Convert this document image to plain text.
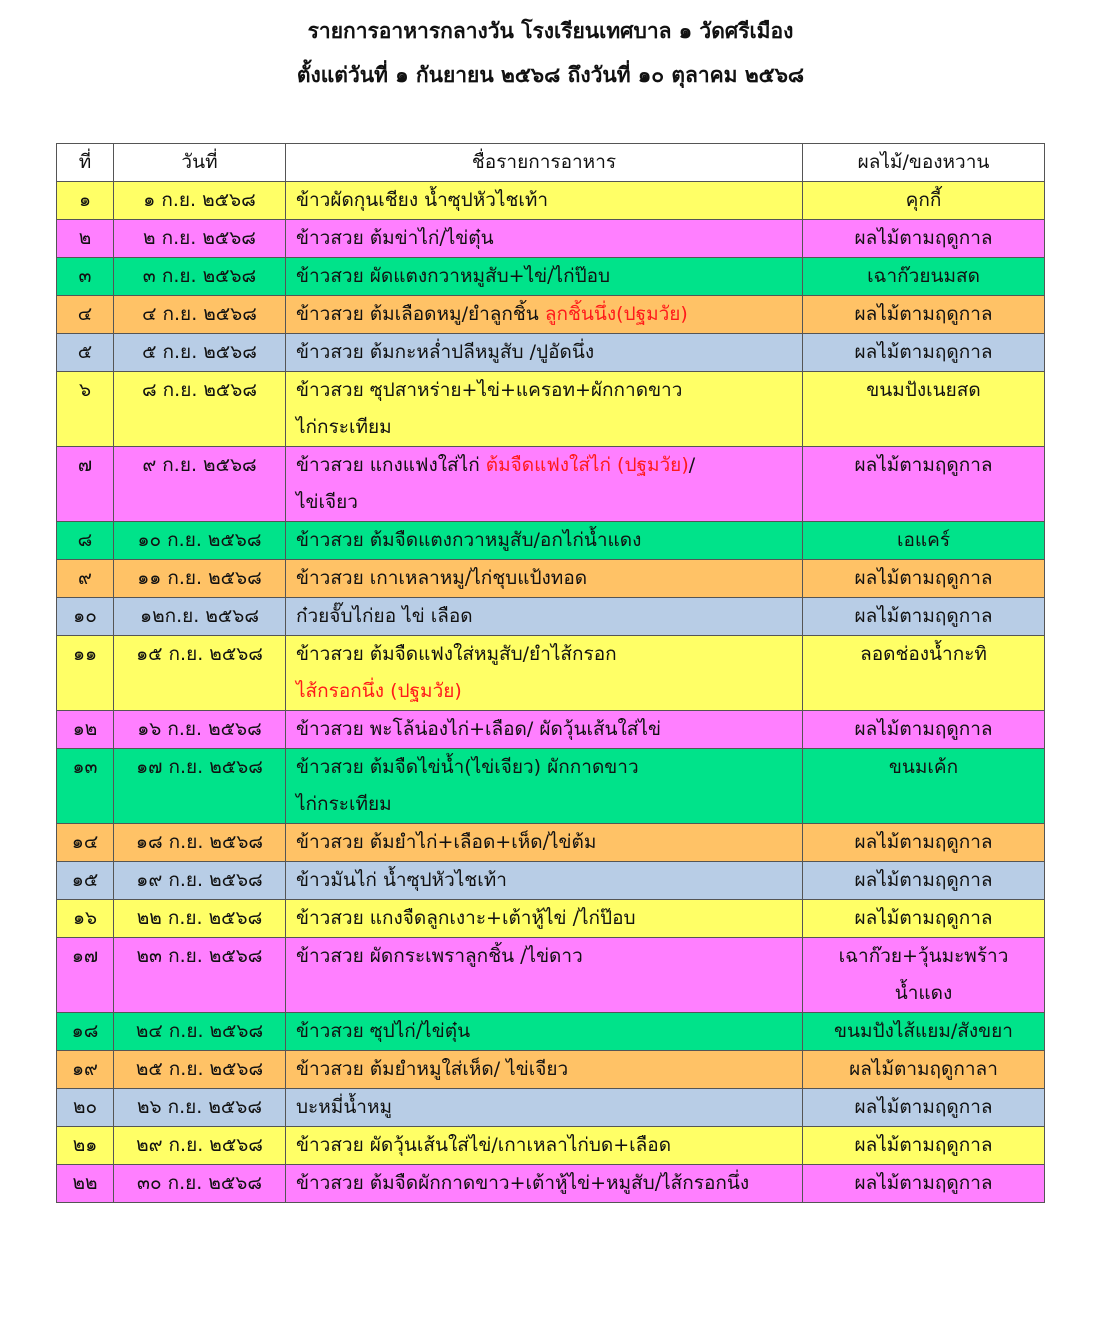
รายการอาหารกลางวัน โรงเรียนเทศบาล ๑ วัดศรีเมือง
ตั้งแต่วันที่ ๑ กันยายน ๒๕๖๘ ถึงวันที่ ๑๐ ตุลาคม ๒๕๖๘
ที่	วันที่	ชื่อรายการอาหาร	ผลไม้/ของหวาน
๑	๑ ก.ย. ๒๕๖๘	ข้าวผัดกุนเชียง น้ำซุปหัวไชเท้า	คุกกี้
๒	๒ ก.ย. ๒๕๖๘	ข้าวสวย ต้มข่าไก่/ไข่ตุ๋น	ผลไม้ตามฤดูกาล
๓	๓ ก.ย. ๒๕๖๘	ข้าวสวย ผัดแตงกวาหมูสับ+ไข่/ไก่ป๊อบ	เฉาก๊วยนมสด
๔	๔ ก.ย. ๒๕๖๘	ข้าวสวย ต้มเลือดหมู/ยำลูกชิ้น ลูกชิ้นนึ่ง(ปฐมวัย)	ผลไม้ตามฤดูกาล
๕	๕ ก.ย. ๒๕๖๘	ข้าวสวย ต้มกะหล่ำปลีหมูสับ /ปูอัดนึ่ง	ผลไม้ตามฤดูกาล
๖	๘ ก.ย. ๒๕๖๘	ข้าวสวย ซุปสาหร่าย+ไข่+แครอท+ผักกาดขาว
ไก่กระเทียม	ขนมปังเนยสด
๗	๙ ก.ย. ๒๕๖๘	ข้าวสวย แกงแฟงใส่ไก่ ต้มจืดแฟงใส่ไก่ (ปฐมวัย)/
ไข่เจียว	ผลไม้ตามฤดูกาล
๘	๑๐ ก.ย. ๒๕๖๘	ข้าวสวย ต้มจืดแตงกวาหมูสับ/อกไก่น้ำแดง	เอแคร์
๙	๑๑ ก.ย. ๒๕๖๘	ข้าวสวย เกาเหลาหมู/ไก่ชุบแป้งทอด	ผลไม้ตามฤดูกาล
๑๐	๑๒ก.ย. ๒๕๖๘	ก๋วยจั๊บไก่ยอ ไข่ เลือด	ผลไม้ตามฤดูกาล
๑๑	๑๕ ก.ย. ๒๕๖๘	ข้าวสวย ต้มจืดแฟงใส่หมูสับ/ยำไส้กรอก
ไส้กรอกนึ่ง (ปฐมวัย)	ลอดช่องน้ำกะทิ
๑๒	๑๖ ก.ย. ๒๕๖๘	ข้าวสวย พะโล้น่องไก่+เลือด/ ผัดวุ้นเส้นใส่ไข่	ผลไม้ตามฤดูกาล
๑๓	๑๗ ก.ย. ๒๕๖๘	ข้าวสวย ต้มจืดไข่น้ำ(ไข่เจียว) ผักกาดขาว
ไก่กระเทียม	ขนมเค้ก
๑๔	๑๘ ก.ย. ๒๕๖๘	ข้าวสวย ต้มยำไก่+เลือด+เห็ด/ไข่ต้ม	ผลไม้ตามฤดูกาล
๑๕	๑๙ ก.ย. ๒๕๖๘	ข้าวมันไก่ น้ำซุปหัวไชเท้า	ผลไม้ตามฤดูกาล
๑๖	๒๒ ก.ย. ๒๕๖๘	ข้าวสวย แกงจืดลูกเงาะ+เต้าหู้ไข่ /ไก่ป๊อบ	ผลไม้ตามฤดูกาล
๑๗	๒๓ ก.ย. ๒๕๖๘	ข้าวสวย ผัดกระเพราลูกชิ้น /ไข่ดาว	เฉาก๊วย+วุ้นมะพร้าว
น้ำแดง

๑๘	๒๔ ก.ย. ๒๕๖๘	ข้าวสวย ซุปไก่/ไข่ตุ๋น	ขนมปังไส้แยม/สังขยา
๑๙	๒๕ ก.ย. ๒๕๖๘	ข้าวสวย ต้มยำหมูใส่เห็ด/ ไข่เจียว	ผลไม้ตามฤดูกาลา
๒๐	๒๖ ก.ย. ๒๕๖๘	บะหมี่น้ำหมู	ผลไม้ตามฤดูกาล
๒๑	๒๙ ก.ย. ๒๕๖๘	ข้าวสวย ผัดวุ้นเส้นใส่ไข่/เกาเหลาไก่บด+เลือด	ผลไม้ตามฤดูกาล
๒๒	๓๐ ก.ย. ๒๕๖๘	ข้าวสวย ต้มจืดผักกาดขาว+เต้าหู้ไข่+หมูสับ/ไส้กรอกนึ่ง	ผลไม้ตามฤดูกาล
